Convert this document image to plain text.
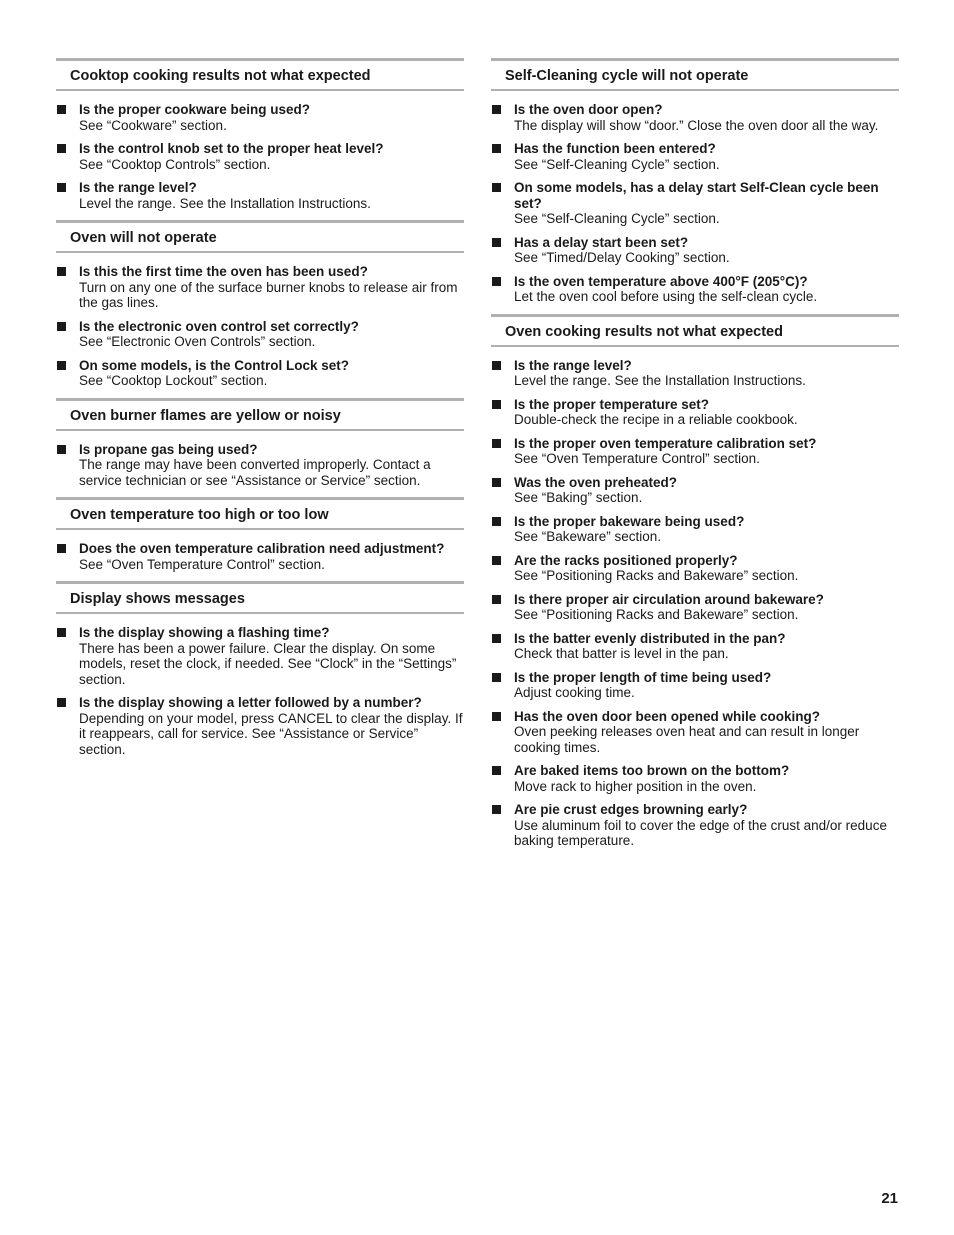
Cooktop cooking results not what expected
Is the proper cookware being used?
See “Cookware” section.
Is the control knob set to the proper heat level?
See “Cooktop Controls” section.
Is the range level?
Level the range. See the Installation Instructions.
Oven will not operate
Is this the first time the oven has been used?
Turn on any one of the surface burner knobs to release air from the gas lines.
Is the electronic oven control set correctly?
See “Electronic Oven Controls” section.
On some models, is the Control Lock set?
See “Cooktop Lockout” section.
Oven burner flames are yellow or noisy
Is propane gas being used?
The range may have been converted improperly. Contact a service technician or see “Assistance or Service” section.
Oven temperature too high or too low
Does the oven temperature calibration need adjustment?
See “Oven Temperature Control” section.
Display shows messages
Is the display showing a flashing time?
There has been a power failure. Clear the display. On some models, reset the clock, if needed. See “Clock” in the “Settings” section.
Is the display showing a letter followed by a number?
Depending on your model, press CANCEL to clear the display. If it reappears, call for service. See “Assistance or Service” section.
Self-Cleaning cycle will not operate
Is the oven door open?
The display will show “door.” Close the oven door all the way.
Has the function been entered?
See “Self-Cleaning Cycle” section.
On some models, has a delay start Self-Clean cycle been set?
See “Self-Cleaning Cycle” section.
Has a delay start been set?
See “Timed/Delay Cooking” section.
Is the oven temperature above 400°F (205°C)?
Let the oven cool before using the self-clean cycle.
Oven cooking results not what expected
Is the range level?
Level the range. See the Installation Instructions.
Is the proper temperature set?
Double-check the recipe in a reliable cookbook.
Is the proper oven temperature calibration set?
See “Oven Temperature Control” section.
Was the oven preheated?
See “Baking” section.
Is the proper bakeware being used?
See “Bakeware” section.
Are the racks positioned properly?
See “Positioning Racks and Bakeware” section.
Is there proper air circulation around bakeware?
See “Positioning Racks and Bakeware” section.
Is the batter evenly distributed in the pan?
Check that batter is level in the pan.
Is the proper length of time being used?
Adjust cooking time.
Has the oven door been opened while cooking?
Oven peeking releases oven heat and can result in longer cooking times.
Are baked items too brown on the bottom?
Move rack to higher position in the oven.
Are pie crust edges browning early?
Use aluminum foil to cover the edge of the crust and/or reduce baking temperature.
21
